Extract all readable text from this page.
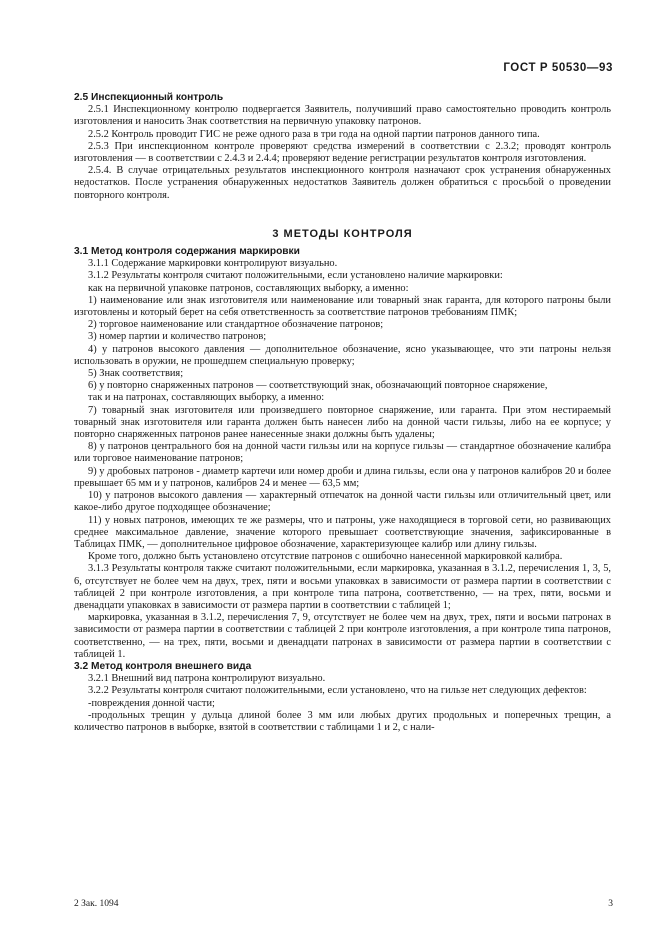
ГОСТ Р 50530—93

2.5 Инспекционный контроль

2.5.1 Инспекционному контролю подвергается Заявитель, получивший право самостоятельно проводить контроль изготовления и наносить Знак соответствия на первичную упаковку патронов.

2.5.2 Контроль проводит ГИС не реже одного раза в три года на одной партии патронов данного типа.

2.5.3 При инспекционном контроле проверяют средства измерений в соответствии с 2.3.2; проводят контроль изготовления — в соответствии с 2.4.3 и 2.4.4; проверяют ведение регистрации результатов контроля изготовления.

2.5.4. В случае отрицательных результатов инспекционного контроля назначают срок устранения обнаруженных недостатков. После устранения обнаруженных недостатков Заявитель должен обратиться с просьбой о проведении повторного контроля.

3 МЕТОДЫ КОНТРОЛЯ

3.1 Метод контроля содержания маркировки

3.1.1 Содержание маркировки контролируют визуально.

3.1.2 Результаты контроля считают положительными, если установлено наличие маркировки:

как на первичной упаковке патронов, составляющих выборку, а именно:

1) наименование или знак изготовителя или наименование или товарный знак гаранта, для которого патроны были изготовлены и который берет на себя ответственность за соответствие патронов требованиям ПМК;

2) торговое наименование или стандартное обозначение патронов;

3) номер партии и количество патронов;

4) у патронов высокого давления — дополнительное обозначение, ясно указывающее, что эти патроны нельзя использовать в оружии, не прошедшем специальную проверку;

5) Знак соответствия;

6) у повторно снаряженных патронов — соответствующий знак, обозначающий повторное снаряжение,

так и на патронах, составляющих выборку, а именно:

7) товарный знак изготовителя или произведшего повторное снаряжение, или гаранта. При этом нестираемый товарный знак изготовителя или гаранта должен быть нанесен либо на донной части гильзы, либо на ее корпусе; у повторно снаряженных патронов ранее нанесенные знаки должны быть удалены;

8) у патронов центрального боя на донной части гильзы или на корпусе гильзы — стандартное обозначение калибра или торговое наименование патронов;

9) у дробовых патронов - диаметр картечи или номер дроби и длина гильзы, если она у патронов калибров 20 и более превышает 65 мм и у патронов, калибров 24 и менее — 63,5 мм;

10) у патронов высокого давления — характерный отпечаток на донной части гильзы или отличительный цвет, или какое-либо другое подходящее обозначение;

11) у новых патронов, имеющих те же размеры, что и патроны, уже находящиеся в торговой сети, но развивающих среднее максимальное давление, значение которого превышает соответствующие значения, зафиксированные в Таблицах ПМК, — дополнительное цифровое обозначение, характеризующее калибр или длину гильзы.

Кроме того, должно быть установлено отсутствие патронов с ошибочно нанесенной маркировкой калибра.

3.1.3 Результаты контроля также считают положительными, если маркировка, указанная в 3.1.2, перечисления 1, 3, 5, 6, отсутствует не более чем на двух, трех, пяти и восьми упаковках в зависимости от размера партии в соответствии с таблицей 2 при контроле изготовления, а при контроле типа патрона, соответственно, — на трех, пяти, восьми и двенадцати упаковках в зависимости от размера партии в соответствии с таблицей 1;

маркировка, указанная в 3.1.2, перечисления 7, 9, отсутствует не более чем на двух, трех, пяти и восьми патронах в зависимости от размера партии в соответствии с таблицей 2 при контроле изготовления, а при контроле типа патронов, соответственно, — на трех, пяти, восьми и двенадцати патронах в зависимости от размера партии в соответствии с таблицей 1.

3.2 Метод контроля внешнего вида

3.2.1 Внешний вид патрона контролируют визуально.

3.2.2 Результаты контроля считают положительными, если установлено, что на гильзе нет следующих дефектов:

-повреждения донной части;

-продольных трещин у дульца длиной более 3 мм или любых других продольных и поперечных трещин, а количество патронов в выборке, взятой в соответствии с таблицами 1 и 2, с нали-

2 Зак. 1094	3
